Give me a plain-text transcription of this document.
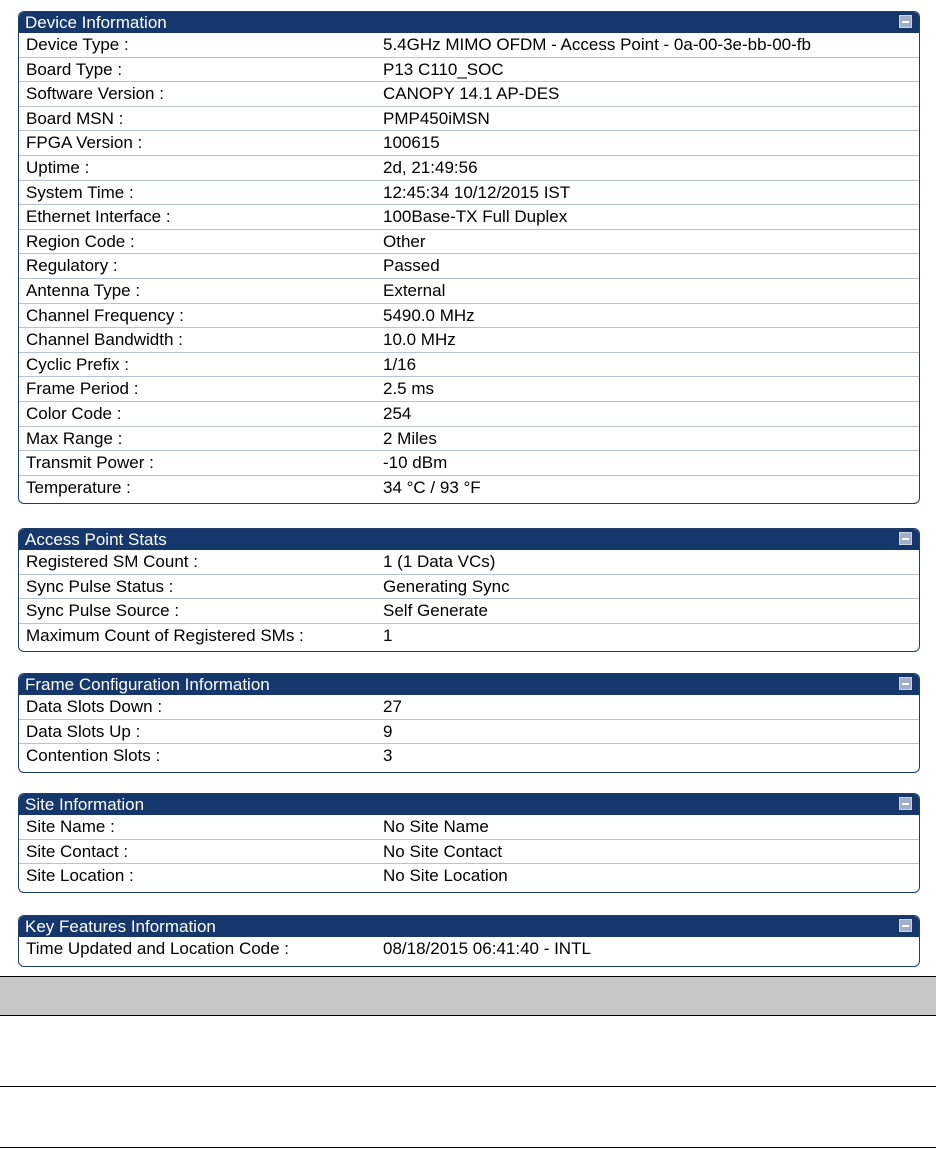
Device Information
Device Type :	5.4GHz MIMO OFDM - Access Point - 0a-00-3e-bb-00-fb
Board Type :	P13 C110_SOC
Software Version :	CANOPY 14.1 AP-DES
Board MSN :	PMP450iMSN
FPGA Version :	100615
Uptime :	2d, 21:49:56
System Time :	12:45:34 10/12/2015 IST
Ethernet Interface :	100Base-TX Full Duplex
Region Code :	Other
Regulatory :	Passed
Antenna Type :	External
Channel Frequency :	5490.0 MHz
Channel Bandwidth :	10.0 MHz
Cyclic Prefix :	1/16
Frame Period :	2.5 ms
Color Code :	254
Max Range :	2 Miles
Transmit Power :	-10 dBm
Temperature :	34 °C / 93 °F
Access Point Stats
Registered SM Count :	1 (1 Data VCs)
Sync Pulse Status :	Generating Sync
Sync Pulse Source :	Self Generate
Maximum Count of Registered SMs :	1
Frame Configuration Information
Data Slots Down :	27
Data Slots Up :	9
Contention Slots :	3
Site Information
Site Name :	No Site Name
Site Contact :	No Site Contact
Site Location :	No Site Location
Key Features Information
Time Updated and Location Code :	08/18/2015 06:41:40 - INTL
